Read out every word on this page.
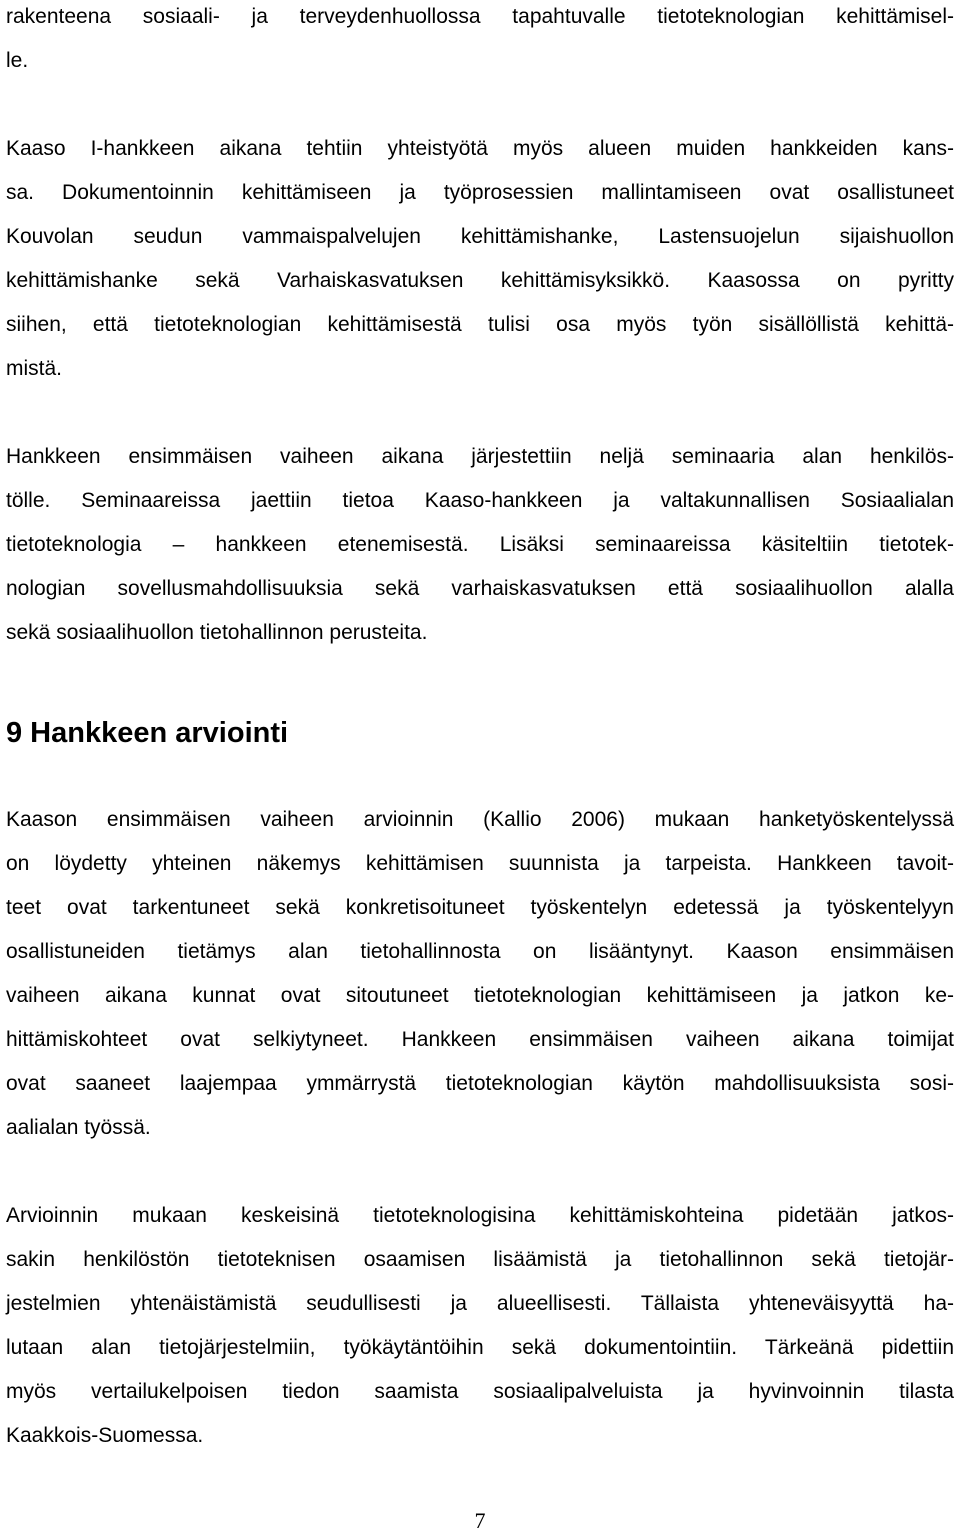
rakenteena sosiaali- ja terveydenhuollossa tapahtuvalle tietoteknologian kehittämisel-
le.
Kaaso I-hankkeen aikana tehtiin yhteistyötä myös alueen muiden hankkeiden kans-
sa. Dokumentoinnin kehittämiseen ja työprosessien mallintamiseen ovat osallistuneet
Kouvolan seudun vammaispalvelujen kehittämishanke, Lastensuojelun sijaishuollon
kehittämishanke sekä Varhaiskasvatuksen kehittämisyksikkö. Kaasossa on pyritty
siihen, että tietoteknologian kehittämisestä tulisi osa myös työn sisällöllistä kehittä-
mistä.
Hankkeen ensimmäisen vaiheen aikana järjestettiin neljä seminaaria alan henkilös-
tölle. Seminaareissa jaettiin tietoa Kaaso-hankkeen ja valtakunnallisen Sosiaalialan
tietoteknologia – hankkeen etenemisestä. Lisäksi seminaareissa käsiteltiin tietotek-
nologian sovellusmahdollisuuksia sekä varhaiskasvatuksen että sosiaalihuollon alalla
sekä sosiaalihuollon tietohallinnon perusteita.
9 Hankkeen arviointi
Kaason ensimmäisen vaiheen arvioinnin (Kallio 2006) mukaan hanketyöskentelyssä
on löydetty yhteinen näkemys kehittämisen suunnista ja tarpeista. Hankkeen tavoit-
teet ovat tarkentuneet sekä konkretisoituneet työskentelyn edetessä ja työskentelyyn
osallistuneiden tietämys alan tietohallinnosta on lisääntynyt. Kaason ensimmäisen
vaiheen aikana kunnat ovat sitoutuneet tietoteknologian kehittämiseen ja jatkon ke-
hittämiskohteet ovat selkiytyneet. Hankkeen ensimmäisen vaiheen aikana toimijat
ovat saaneet laajempaa ymmärrystä tietoteknologian käytön mahdollisuuksista sosi-
aalialan työssä.
Arvioinnin mukaan keskeisinä tietoteknologisina kehittämiskohteina pidetään jatkos-
sakin henkilöstön tietoteknisen osaamisen lisäämistä ja tietohallinnon sekä tietojär-
jestelmien yhtenäistämistä seudullisesti ja alueellisesti. Tällaista yhteneväisyyttä ha-
lutaan alan tietojärjestelmiin, työkäytäntöihin sekä dokumentointiin. Tärkeänä pidettiin
myös vertailukelpoisen tiedon saamista sosiaalipalveluista ja hyvinvoinnin tilasta
Kaakkois-Suomessa.
7
